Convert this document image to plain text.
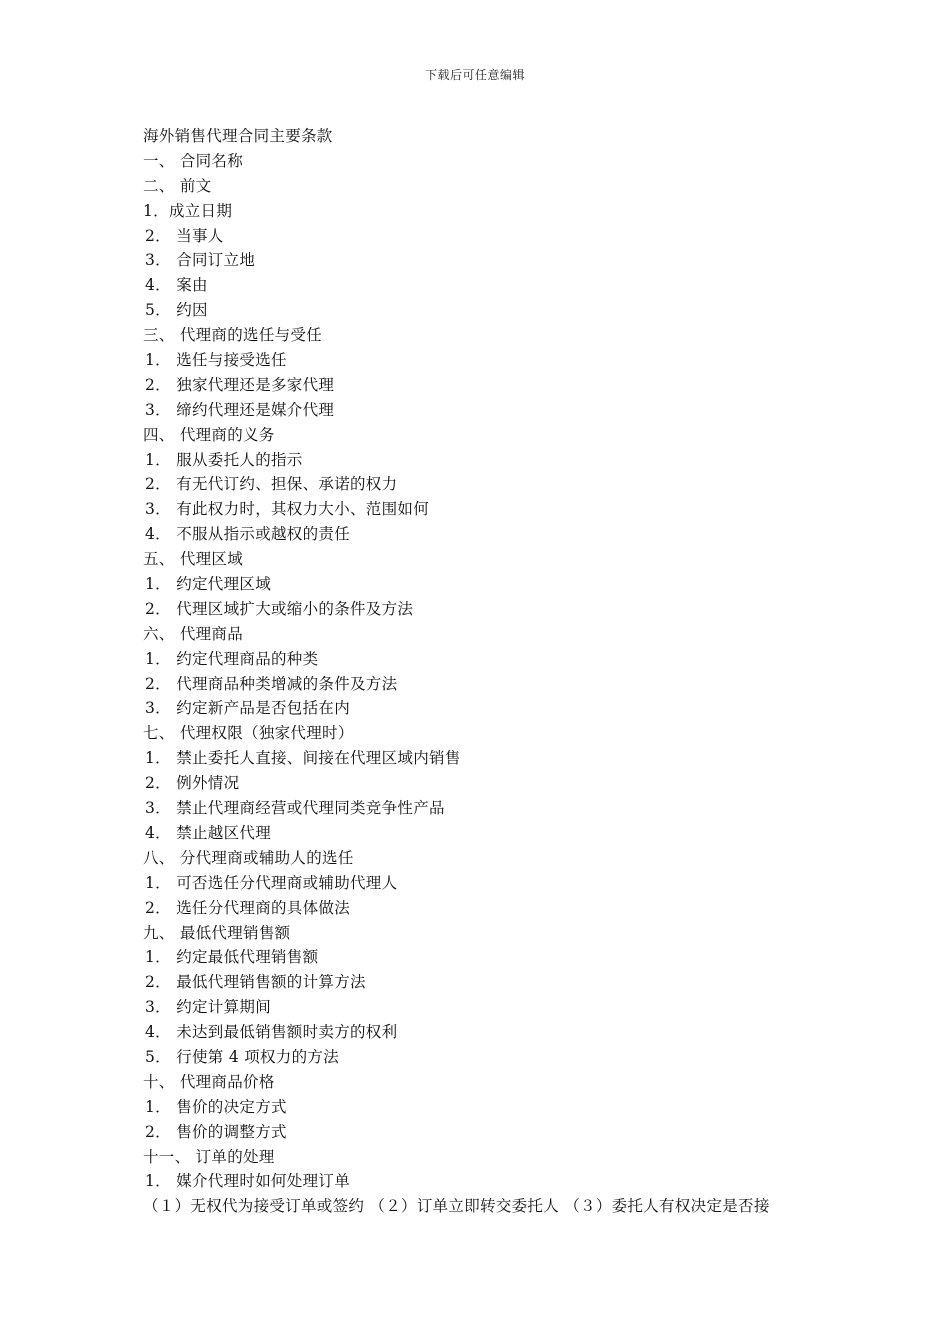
下载后可任意编辑
海外销售代理合同主要条款
一、 合同名称
二、 前文
1．成立日期
2． 当事人
3． 合同订立地
4． 案由
5． 约因
三、 代理商的选任与受任
1． 选任与接受选任
2． 独家代理还是多家代理
3． 缔约代理还是媒介代理
四、 代理商的义务
1． 服从委托人的指示
2． 有无代订约、担保、承诺的权力
3． 有此权力时，其权力大小、范围如何
4． 不服从指示或越权的责任
五、 代理区域
1． 约定代理区域
2． 代理区域扩大或缩小的条件及方法
六、 代理商品
1． 约定代理商品的种类
2． 代理商品种类增减的条件及方法
3． 约定新产品是否包括在内
七、 代理权限（独家代理时）
1． 禁止委托人直接、间接在代理区域内销售
2． 例外情况
3． 禁止代理商经营或代理同类竞争性产品
4． 禁止越区代理
八、 分代理商或辅助人的选任
1． 可否选任分代理商或辅助代理人
2． 选任分代理商的具体做法
九、 最低代理销售额
1． 约定最低代理销售额
2． 最低代理销售额的计算方法
3． 约定计算期间
4． 未达到最低销售额时卖方的权利
5． 行使第 4 项权力的方法
十、 代理商品价格
1． 售价的决定方式
2． 售价的调整方式
十一、 订单的处理
1． 媒介代理时如何处理订单
（１）无权代为接受订单或签约 （２）订单立即转交委托人 （３）委托人有权决定是否接
